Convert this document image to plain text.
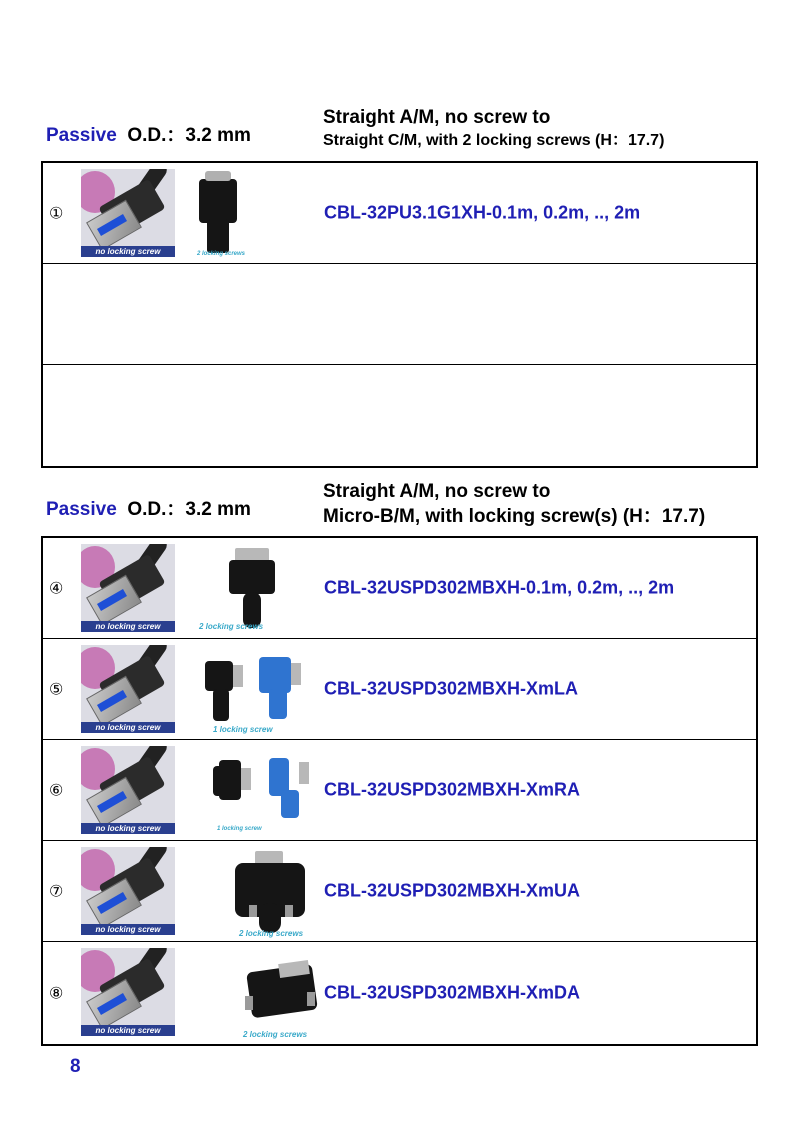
Passive O.D.：3.2 mm
Straight A/M, no screw to
Straight C/M, with 2 locking screws (H：17.7)
①
no locking screw	2 locking screws
CBL-32PU3.1G1XH-0.1m, 0.2m, .., 2m
Passive O.D.：3.2 mm
Straight A/M, no screw to
Micro-B/M, with locking screw(s) (H：17.7)
④
no locking screw	2 locking screws
CBL-32USPD302MBXH-0.1m, 0.2m, .., 2m
⑤
no locking screw	1 locking screw
CBL-32USPD302MBXH-XmLA
⑥
no locking screw	1 locking screw
CBL-32USPD302MBXH-XmRA
⑦
no locking screw	2 locking screws
CBL-32USPD302MBXH-XmUA
⑧
no locking screw	2 locking screws
CBL-32USPD302MBXH-XmDA
8
